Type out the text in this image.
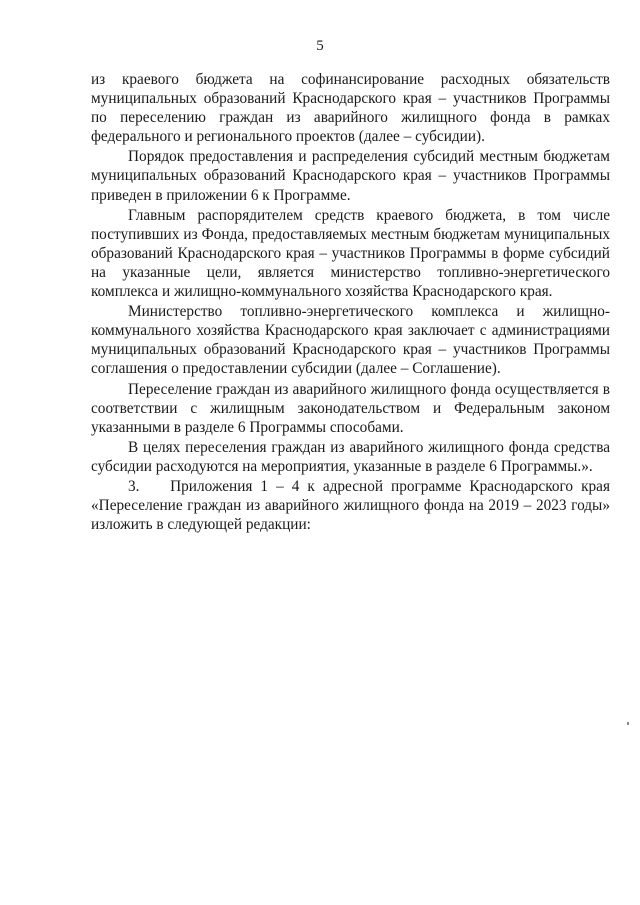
5

из краевого бюджета на софинансирование расходных обязательств муниципальных образований Краснодарского края – участников Программы по переселению граждан из аварийного жилищного фонда в рамках федерального и регионального проектов (далее – субсидии).

Порядок предоставления и распределения субсидий местным бюджетам муниципальных образований Краснодарского края – участников Программы приведен в приложении 6 к Программе.

Главным распорядителем средств краевого бюджета, в том числе поступивших из Фонда, предоставляемых местным бюджетам муниципальных образований Краснодарского края – участников Программы в форме субсидий на указанные цели, является министерство топливно-энергетического комплекса и жилищно-коммунального хозяйства Краснодарского края.

Министерство топливно-энергетического комплекса и жилищно-коммунального хозяйства Краснодарского края заключает с администрациями муниципальных образований Краснодарского края – участников Программы соглашения о предоставлении субсидии (далее – Соглашение).

Переселение граждан из аварийного жилищного фонда осуществляется в соответствии с жилищным законодательством и Федеральным законом указанными в разделе 6 Программы способами.

В целях переселения граждан из аварийного жилищного фонда средства субсидии расходуются на мероприятия, указанные в разделе 6 Программы.».

3.  Приложения 1 – 4 к адресной программе Краснодарского края «Переселение граждан из аварийного жилищного фонда на 2019 – 2023 годы» изложить в следующей редакции:
